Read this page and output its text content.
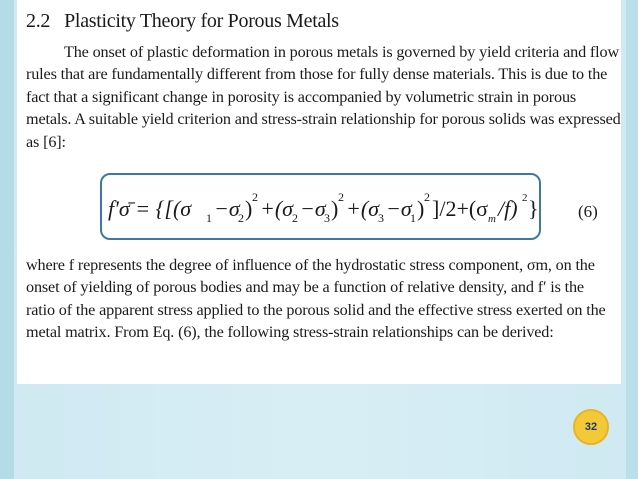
2.2 Plasticity Theory for Porous Metals
The onset of plastic deformation in porous metals is governed by yield criteria and flow
rules that are fundamentally different from those for fully dense materials. This is due to the
fact that a significant change in porosity is accompanied by volumetric strain in porous
metals. A suitable yield criterion and stress-strain relationship for porous solids was expressed
as [6]:
f′σ̄ = {[(σ 1 −σ
2 ) 2 +(σ
2 −σ
3 ) 2 +(σ
3 −σ
1 ) 2 ]/2+(σ m /f) 2 }
where f represents the degree of influence of the hydrostatic stress component, σm, on the
onset of yielding of porous bodies and may be a function of relative density, and f′ is the
ratio of the apparent stress applied to the porous solid and the effective stress exerted on the
metal matrix. From Eq. (6), the following stress-strain relationships can be derived:
(6)
32
